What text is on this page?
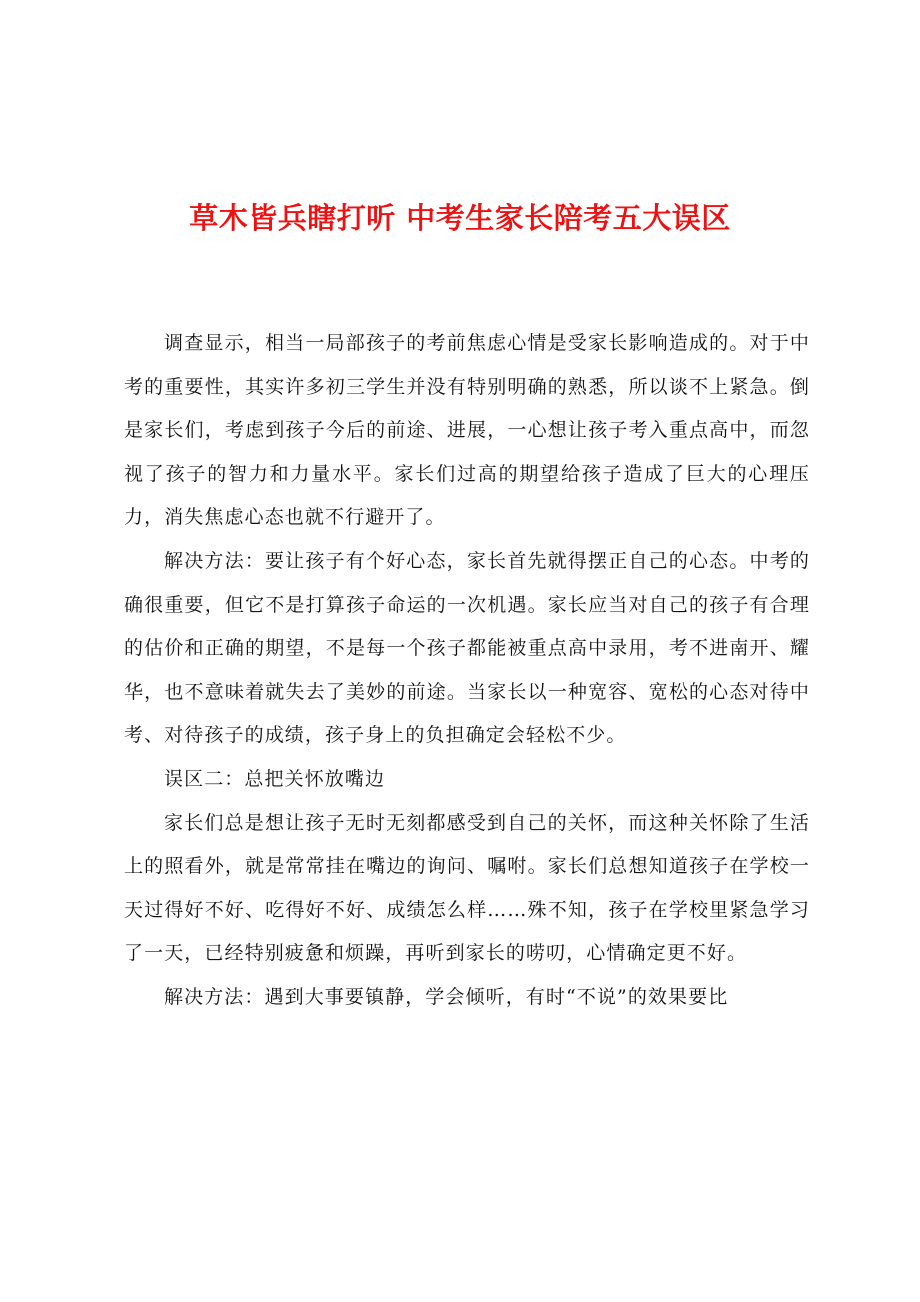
草木皆兵瞎打听 中考生家长陪考五大误区

调查显示，相当一局部孩子的考前焦虑心情是受家长影响造成的。对于中考的重要性，其实许多初三学生并没有特别明确的熟悉，所以谈不上紧急。倒是家长们，考虑到孩子今后的前途、进展，一心想让孩子考入重点高中，而忽视了孩子的智力和力量水平。家长们过高的期望给孩子造成了巨大的心理压力，消失焦虑心态也就不行避开了。

解决方法：要让孩子有个好心态，家长首先就得摆正自己的心态。中考的确很重要，但它不是打算孩子命运的一次机遇。家长应当对自己的孩子有合理的估价和正确的期望，不是每一个孩子都能被重点高中录用，考不进南开、耀华，也不意味着就失去了美妙的前途。当家长以一种宽容、宽松的心态对待中考、对待孩子的成绩，孩子身上的负担确定会轻松不少。

误区二：总把关怀放嘴边

家长们总是想让孩子无时无刻都感受到自己的关怀，而这种关怀除了生活上的照看外，就是常常挂在嘴边的询问、嘱咐。家长们总想知道孩子在学校一天过得好不好、吃得好不好、成绩怎么样……殊不知，孩子在学校里紧急学习了一天，已经特别疲惫和烦躁，再听到家长的唠叨，心情确定更不好。

解决方法：遇到大事要镇静，学会倾听，有时“不说”的效果要比
